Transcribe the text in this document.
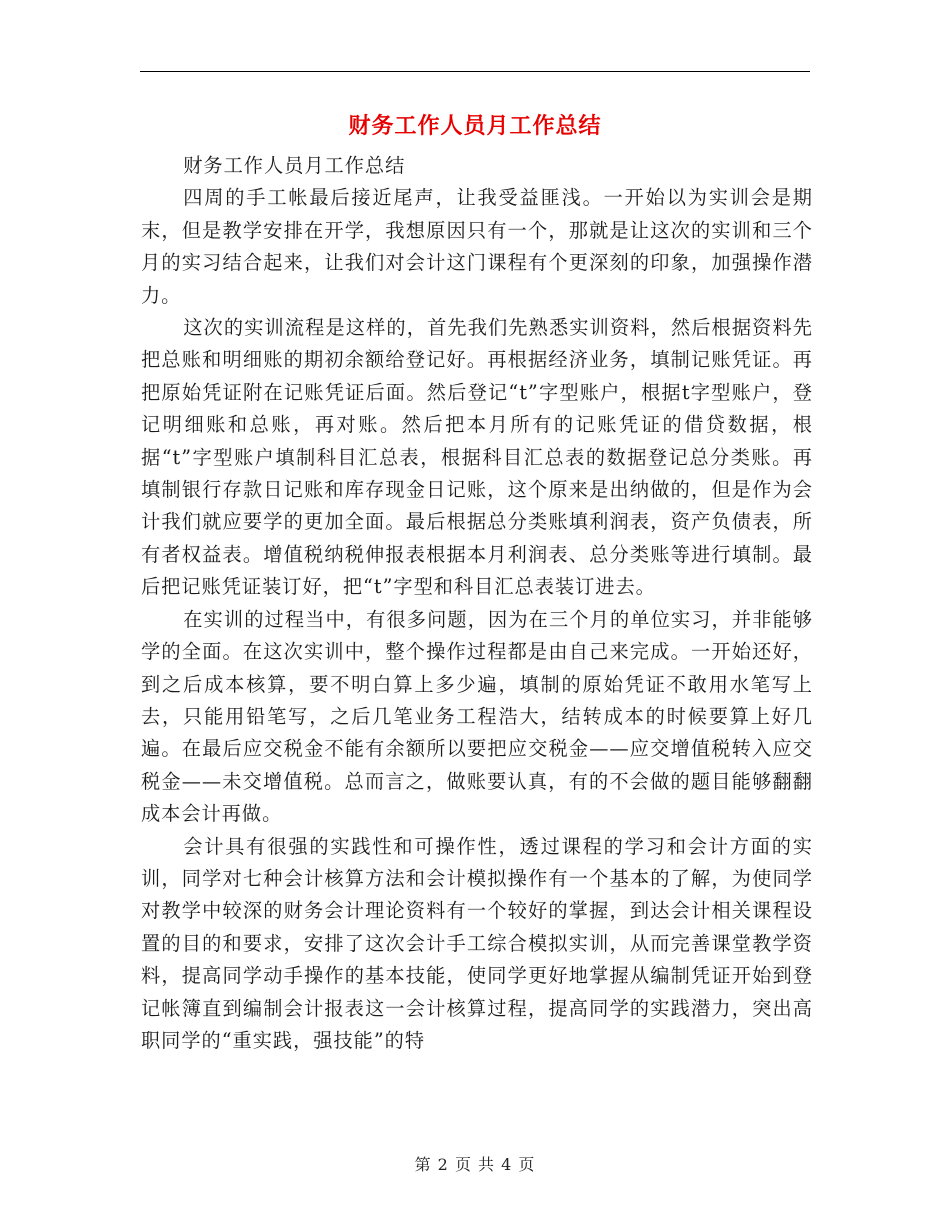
财务工作人员月工作总结

财务工作人员月工作总结

四周的手工帐最后接近尾声，让我受益匪浅。一开始以为实训会是期末，但是教学安排在开学，我想原因只有一个，那就是让这次的实训和三个月的实习结合起来，让我们对会计这门课程有个更深刻的印象，加强操作潜力。

这次的实训流程是这样的，首先我们先熟悉实训资料，然后根据资料先把总账和明细账的期初余额给登记好。再根据经济业务，填制记账凭证。再把原始凭证附在记账凭证后面。然后登记“t”字型账户，根据t字型账户，登记明细账和总账，再对账。然后把本月所有的记账凭证的借贷数据，根据“t”字型账户填制科目汇总表，根据科目汇总表的数据登记总分类账。再填制银行存款日记账和库存现金日记账，这个原来是出纳做的，但是作为会计我们就应要学的更加全面。最后根据总分类账填利润表，资产负债表，所有者权益表。增值税纳税伸报表根据本月利润表、总分类账等进行填制。最后把记账凭证装订好，把“t”字型和科目汇总表装订进去。

在实训的过程当中，有很多问题，因为在三个月的单位实习，并非能够学的全面。在这次实训中，整个操作过程都是由自己来完成。一开始还好，到之后成本核算，要不明白算上多少遍，填制的原始凭证不敢用水笔写上去，只能用铅笔写，之后几笔业务工程浩大，结转成本的时候要算上好几遍。在最后应交税金不能有余额所以要把应交税金——应交增值税转入应交税金——未交增值税。总而言之，做账要认真，有的不会做的题目能够翻翻成本会计再做。

会计具有很强的实践性和可操作性，透过课程的学习和会计方面的实训，同学对七种会计核算方法和会计模拟操作有一个基本的了解，为使同学对教学中较深的财务会计理论资料有一个较好的掌握，到达会计相关课程设置的目的和要求，安排了这次会计手工综合模拟实训，从而完善课堂教学资料，提高同学动手操作的基本技能，使同学更好地掌握从编制凭证开始到登记帐簿直到编制会计报表这一会计核算过程，提高同学的实践潜力，突出高职同学的“重实践，强技能”的特

第 2 页 共 4 页
